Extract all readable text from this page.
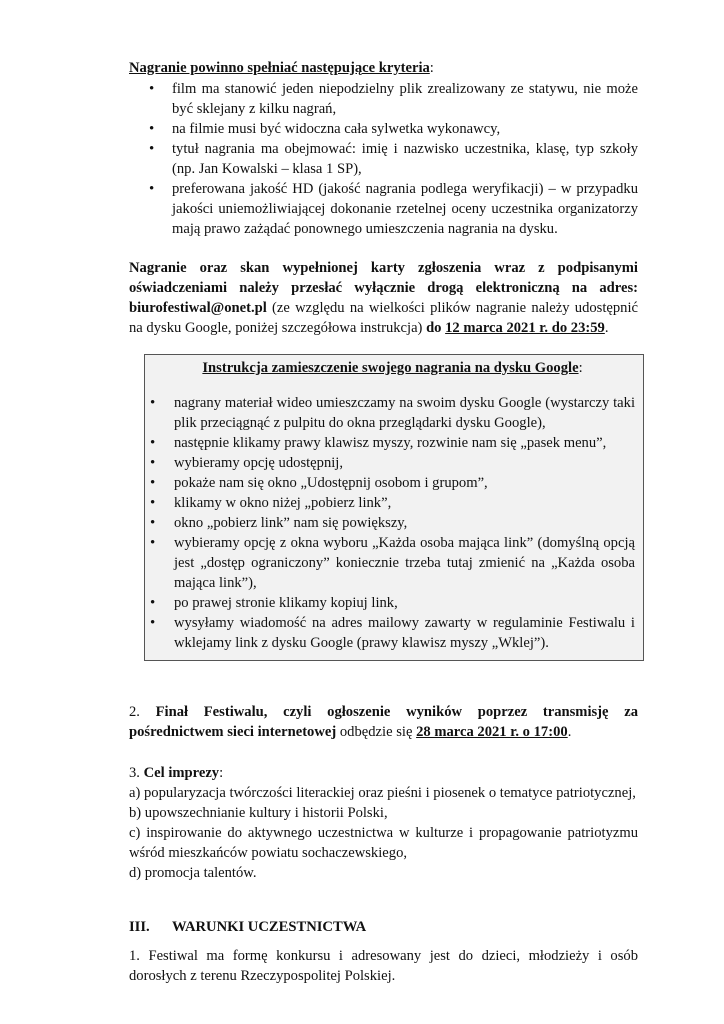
Nagranie powinno spełniać następujące kryteria:
• film ma stanowić jeden niepodzielny plik zrealizowany ze statywu, nie może być sklejany z kilku nagrań,
• na filmie musi być widoczna cała sylwetka wykonawcy,
• tytuł nagrania ma obejmować: imię i nazwisko uczestnika, klasę, typ szkoły (np. Jan Kowalski – klasa 1 SP),
• preferowana jakość HD (jakość nagrania podlega weryfikacji) – w przypadku jakości uniemożliwiającej dokonanie rzetelnej oceny uczestnika organizatorzy mają prawo zażądać ponownego umieszczenia nagrania na dysku.
Nagranie oraz skan wypełnionej karty zgłoszenia wraz z podpisanymi oświadczeniami należy przesłać wyłącznie drogą elektroniczną na adres: biurofestiwal@onet.pl (ze względu na wielkości plików nagranie należy udostępnić na dysku Google, poniżej szczegółowa instrukcja) do 12 marca 2021 r. do 23:59.
Instrukcja zamieszczenie swojego nagrania na dysku Google:
• nagrany materiał wideo umieszczamy na swoim dysku Google (wystarczy taki plik przeciągnąć z pulpitu do okna przeglądarki dysku Google),
• następnie klikamy prawy klawisz myszy, rozwinie nam się „pasek menu”,
• wybieramy opcję udostępnij,
• pokaże nam się okno „Udostępnij osobom i grupom”,
• klikamy w okno niżej „pobierz link”,
• okno „pobierz link” nam się powiększy,
• wybieramy opcję z okna wyboru „Każda osoba mająca link” (domyślną opcją jest „dostęp ograniczony” koniecznie trzeba tutaj zmienić na „Każda osoba mająca link”),
• po prawej stronie klikamy kopiuj link,
• wysyłamy wiadomość na adres mailowy zawarty w regulaminie Festiwalu i wklejamy link z dysku Google (prawy klawisz myszy „Wklej”).
2. Finał Festiwalu, czyli ogłoszenie wyników poprzez transmisję za pośrednictwem sieci internetowej odbędzie się 28 marca 2021 r. o 17:00.
3. Cel imprezy:
a) popularyzacja twórczości literackiej oraz pieśni i piosenek o tematyce patriotycznej,
b) upowszechnianie kultury i historii Polski,
c) inspirowanie do aktywnego uczestnictwa w kulturze i propagowanie patriotyzmu wśród mieszkańców powiatu sochaczewskiego,
d) promocja talentów.
III. WARUNKI UCZESTNICTWA
1. Festiwal ma formę konkursu i adresowany jest do dzieci, młodzieży i osób dorosłych z terenu Rzeczypospolitej Polskiej.
